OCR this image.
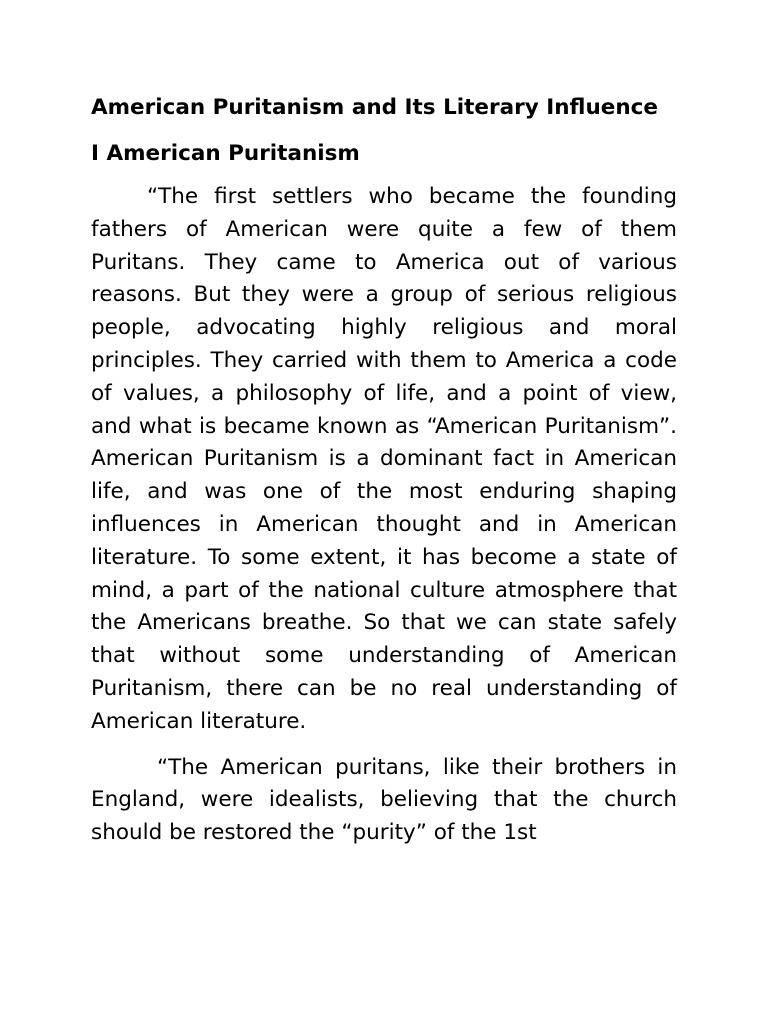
American Puritanism and Its Literary Influence
I American Puritanism

“The first settlers who became the founding fathers of American were quite a few of them Puritans. They came to America out of various reasons. But they were a group of serious religious people, advocating highly religious and moral principles. They carried with them to America a code of values, a philosophy of life, and a point of view, and what is became known as “American Puritanism”. American Puritanism is a dominant fact in American life, and was one of the most enduring shaping influences in American thought and in American literature. To some extent, it has become a state of mind, a part of the national culture atmosphere that the Americans breathe. So that we can state safely that without some understanding of American Puritanism, there can be no real understanding of American literature.

“The American puritans, like their brothers in England, were idealists, believing that the church should be restored the “purity” of the 1st
